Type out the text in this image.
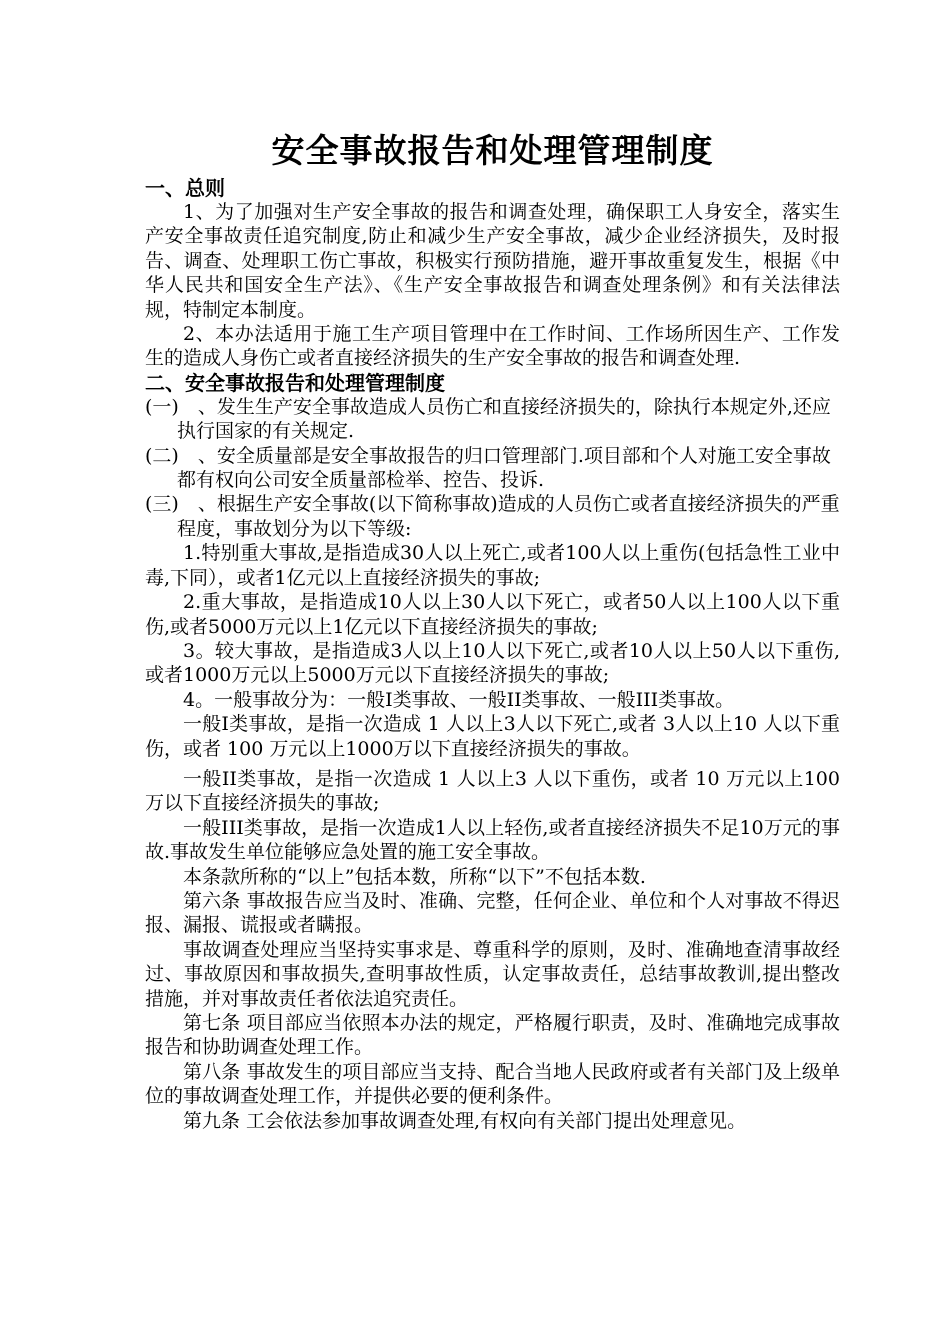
安全事故报告和处理管理制度
一、总则

1、为了加强对生产安全事故的报告和调查处理，确保职工人身安全，落实生产安全事故责任追究制度,防止和减少生产安全事故，减少企业经济损失，及时报告、调查、处理职工伤亡事故，积极实行预防措施，避开事故重复发生，根据《中华人民共和国安全生产法》、《生产安全事故报告和调查处理条例》和有关法律法规，特制定本制度。

2、本办法适用于施工生产项目管理中在工作时间、工作场所因生产、工作发生的造成人身伤亡或者直接经济损失的生产安全事故的报告和调查处理.

二、安全事故报告和处理管理制度

(一)　、发生生产安全事故造成人员伤亡和直接经济损失的，除执行本规定外,还应执行国家的有关规定.

(二)　、安全质量部是安全事故报告的归口管理部门.项目部和个人对施工安全事故都有权向公司安全质量部检举、控告、投诉.

(三)　、根据生产安全事故(以下简称事故)造成的人员伤亡或者直接经济损失的严重程度，事故划分为以下等级:

1.特别重大事故,是指造成30人以上死亡,或者100人以上重伤(包括急性工业中毒,下同），或者1亿元以上直接经济损失的事故;

2.重大事故，是指造成10人以上30人以下死亡，或者50人以上100人以下重伤,或者5000万元以上1亿元以下直接经济损失的事故;

3。较大事故，是指造成3人以上10人以下死亡,或者10人以上50人以下重伤,或者1000万元以上5000万元以下直接经济损失的事故;

4。一般事故分为：一般I类事故、一般II类事故、一般III类事故。

一般I类事故，是指一次造成 1 人以上3人以下死亡,或者 3人以上10 人以下重伤，或者 100 万元以上1000万以下直接经济损失的事故。

一般II类事故，是指一次造成 1 人以上3 人以下重伤，或者 10 万元以上100 万以下直接经济损失的事故;

一般III类事故，是指一次造成1人以上轻伤,或者直接经济损失不足10万元的事故.事故发生单位能够应急处置的施工安全事故。

本条款所称的“以上”包括本数，所称“以下”不包括本数.

第六条 事故报告应当及时、准确、完整，任何企业、单位和个人对事故不得迟报、漏报、谎报或者瞒报。

事故调查处理应当坚持实事求是、尊重科学的原则，及时、准确地查清事故经过、事故原因和事故损失,查明事故性质，认定事故责任，总结事故教训,提出整改措施，并对事故责任者依法追究责任。

第七条 项目部应当依照本办法的规定，严格履行职责，及时、准确地完成事故报告和协助调查处理工作。

第八条 事故发生的项目部应当支持、配合当地人民政府或者有关部门及上级单位的事故调查处理工作，并提供必要的便利条件。

第九条 工会依法参加事故调查处理,有权向有关部门提出处理意见。
